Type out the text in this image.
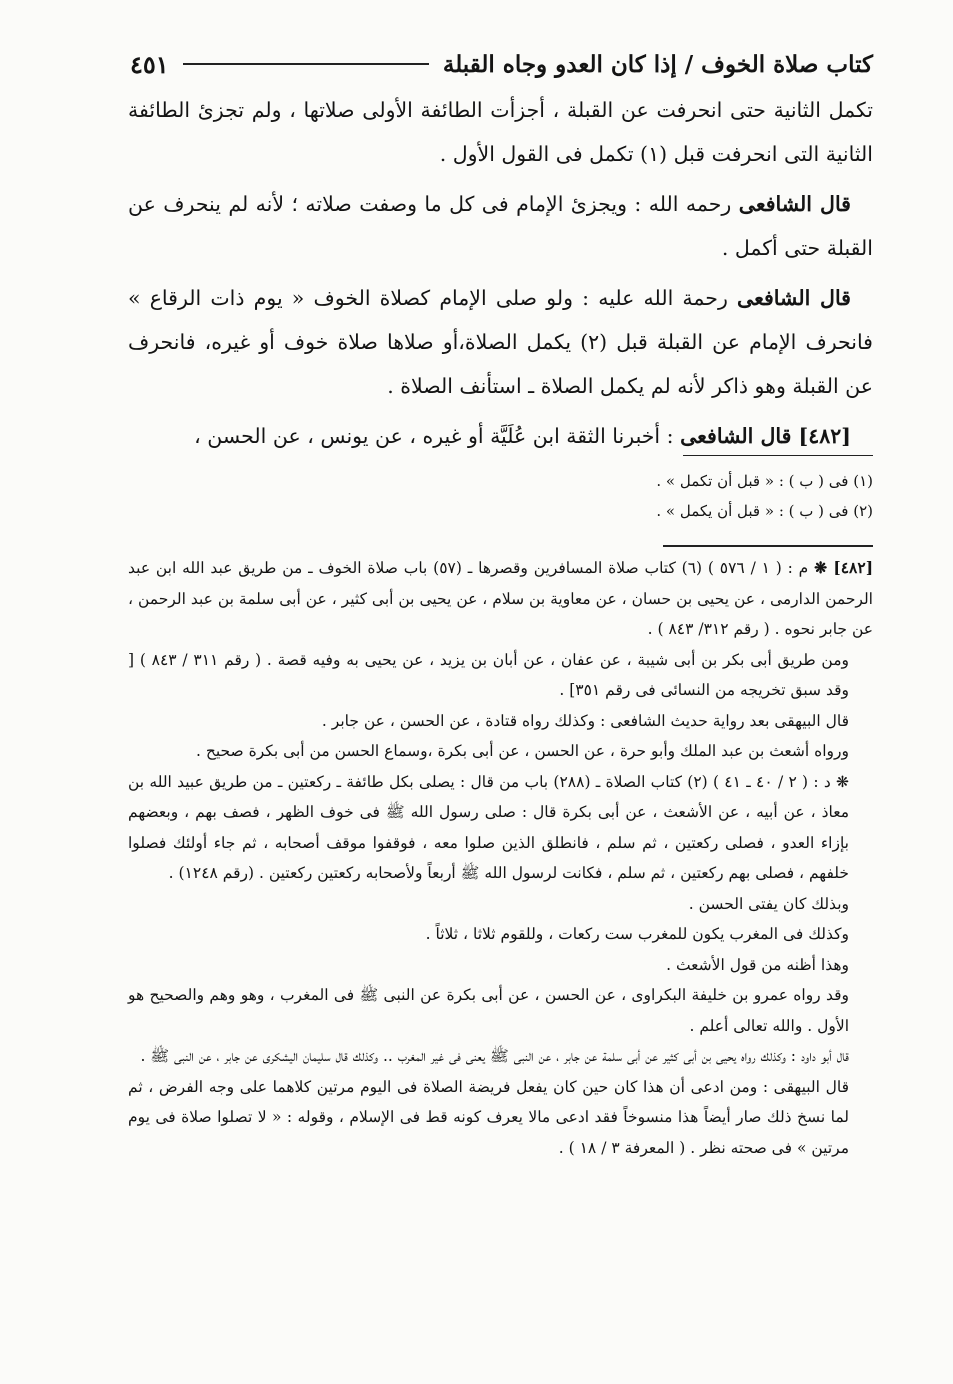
كتاب صلاة الخوف / إذا كان العدو وجاه القبلة
٤٥١

تكمل الثانية حتى انحرفت عن القبلة ، أجزأت الطائفة الأولى صلاتها ، ولم تجزئ الطائفة الثانية التى انحرفت قبل (١) تكمل فى القول الأول .

قال الشافعى رحمه الله : ويجزئ الإمام فى كل ما وصفت صلاته ؛ لأنه لم ينحرف عن القبلة حتى أكمل .

قال الشافعى رحمة الله عليه : ولو صلى الإمام كصلاة الخوف « يوم ذات الرقاع » فانحرف الإمام عن القبلة قبل (٢) يكمل الصلاة،أو صلاها صلاة خوف أو غيره، فانحرف عن القبلة وهو ذاكر لأنه لم يكمل الصلاة ـ استأنف الصلاة .

[٤٨٢] قال الشافعى : أخبرنا الثقة ابن عُلَيَّة أو غيره ، عن يونس ، عن الحسن ،

(١) فى ( ب ) : « قبل أن تكمل » .
(٢) فى ( ب ) : « قبل أن يكمل » .

[٤٨٢] ❋ م : ( ١ / ٥٧٦ ) (٦) كتاب صلاة المسافرين وقصرها ـ (٥٧) باب صلاة الخوف ـ من طريق عبد الله ابن عبد الرحمن الدارمى ، عن يحيى بن حسان ، عن معاوية بن سلام ، عن يحيى بن أبى كثير ، عن أبى سلمة بن عبد الرحمن ، عن جابر نحوه . ( رقم ٣١٢/ ٨٤٣ ) .

ومن طريق أبى بكر بن أبى شيبة ، عن عفان ، عن أبان بن يزيد ، عن يحيى به وفيه قصة . ( رقم ٣١١ / ٨٤٣ ) [ وقد سبق تخريجه من النسائى فى رقم ٣٥١] .

قال البيهقى بعد رواية حديث الشافعى : وكذلك رواه قتادة ، عن الحسن ، عن جابر .

ورواه أشعث بن عبد الملك وأبو حرة ، عن الحسن ، عن أبى بكرة ،وسماع الحسن من أبى بكرة صحيح .

❋ د : ( ٢ / ٤٠ ـ ٤١ ) (٢) كتاب الصلاة ـ (٢٨٨) باب من قال : يصلى بكل طائفة ـ ركعتين ـ من طريق عبيد الله بن معاذ ، عن أبيه ، عن الأشعث ، عن أبى بكرة قال : صلى رسول الله ﷺ فى خوف الظهر ، فصف بهم ، وبعضهم بإزاء العدو ، فصلى ركعتين ، ثم سلم ، فانطلق الذين صلوا معه ، فوقفوا موقف أصحابه ، ثم جاء أولئك فصلوا خلفهم ، فصلى بهم ركعتين ، ثم سلم ، فكانت لرسول الله ﷺ أربعاً ولأصحابه ركعتين ركعتين . (رقم ١٢٤٨) .

وبذلك كان يفتى الحسن .

وكذلك فى المغرب يكون للمغرب ست ركعات ، وللقوم ثلاثا ، ثلاثاً .

وهذا أظنه من قول الأشعث .

وقد رواه عمرو بن خليفة البكراوى ، عن الحسن ، عن أبى بكرة عن النبى ﷺ فى المغرب ، وهو وهم والصحيح هو الأول . والله تعالى أعلم .

قال أبو داود : وكذلك رواه يحيى بن أبى كثير عن أبى سلمة عن جابر ، عن النبى ﷺ يعنى فى غير المغرب .. وكذلك قال سليمان اليشكرى عن جابر ، عن النبى ﷺ .

قال البيهقى : ومن ادعى أن هذا كان حين كان يفعل فريضة الصلاة فى اليوم مرتين كلاهما على وجه الفرض ، ثم لما نسخ ذلك صار أيضاً هذا منسوخاً فقد ادعى مالا يعرف كونه قط فى الإسلام ، وقوله : « لا تصلوا صلاة فى يوم مرتين » فى صحته نظر . ( المعرفة ٣ / ١٨ ) .
